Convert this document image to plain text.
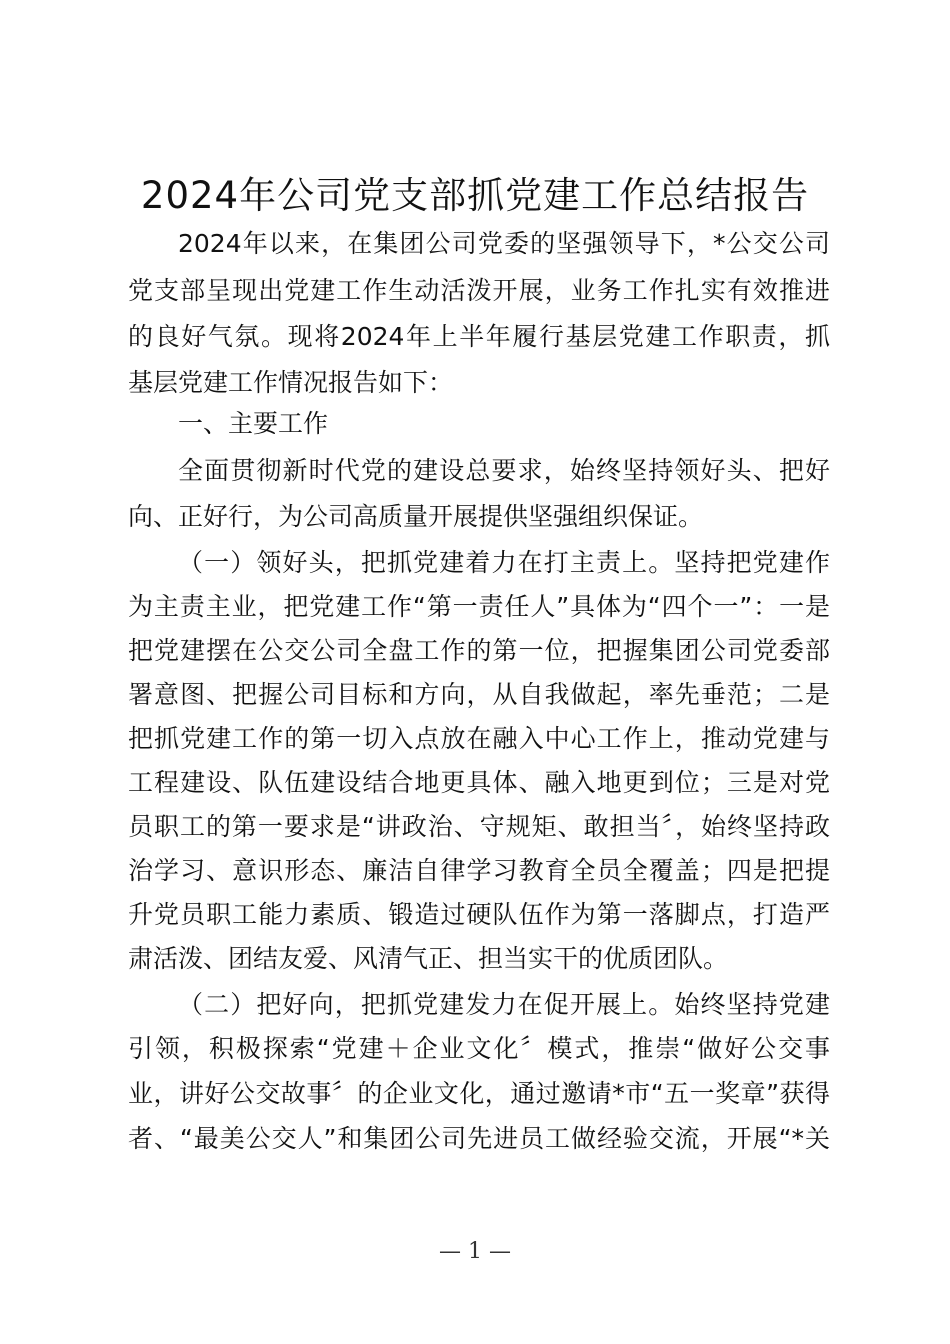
2024年公司党支部抓党建工作总结报告
2024年以来，在集团公司党委的坚强领导下，*公交公司
党支部呈现出党建工作生动活泼开展，业务工作扎实有效推进
的良好气氛。现将2024年上半年履行基层党建工作职责，抓
基层党建工作情况报告如下：
一、主要工作
全面贯彻新时代党的建设总要求，始终坚持领好头、把好
向、正好行，为公司高质量开展提供坚强组织保证。
（一）领好头，把抓党建着力在打主责上。坚持把党建作
为主责主业，把党建工作“第一责任人”具体为“四个一”：一是
把党建摆在公交公司全盘工作的第一位，把握集团公司党委部
署意图、把握公司目标和方向，从自我做起，率先垂范；二是
把抓党建工作的第一切入点放在融入中心工作上，推动党建与
工程建设、队伍建设结合地更具体、融入地更到位；三是对党
员职工的第一要求是“讲政治、守规矩、敢担当〞，始终坚持政
治学习、意识形态、廉洁自律学习教育全员全覆盖；四是把提
升党员职工能力素质、锻造过硬队伍作为第一落脚点，打造严
肃活泼、团结友爱、风清气正、担当实干的优质团队。
（二）把好向，把抓党建发力在促开展上。始终坚持党建
引领，积极探索“党建＋企业文化〞模式，推崇“做好公交事
业，讲好公交故事〞的企业文化，通过邀请*市“五一奖章”获得
者、“最美公交人”和集团公司先进员工做经验交流，开展“*关
— 1 —
